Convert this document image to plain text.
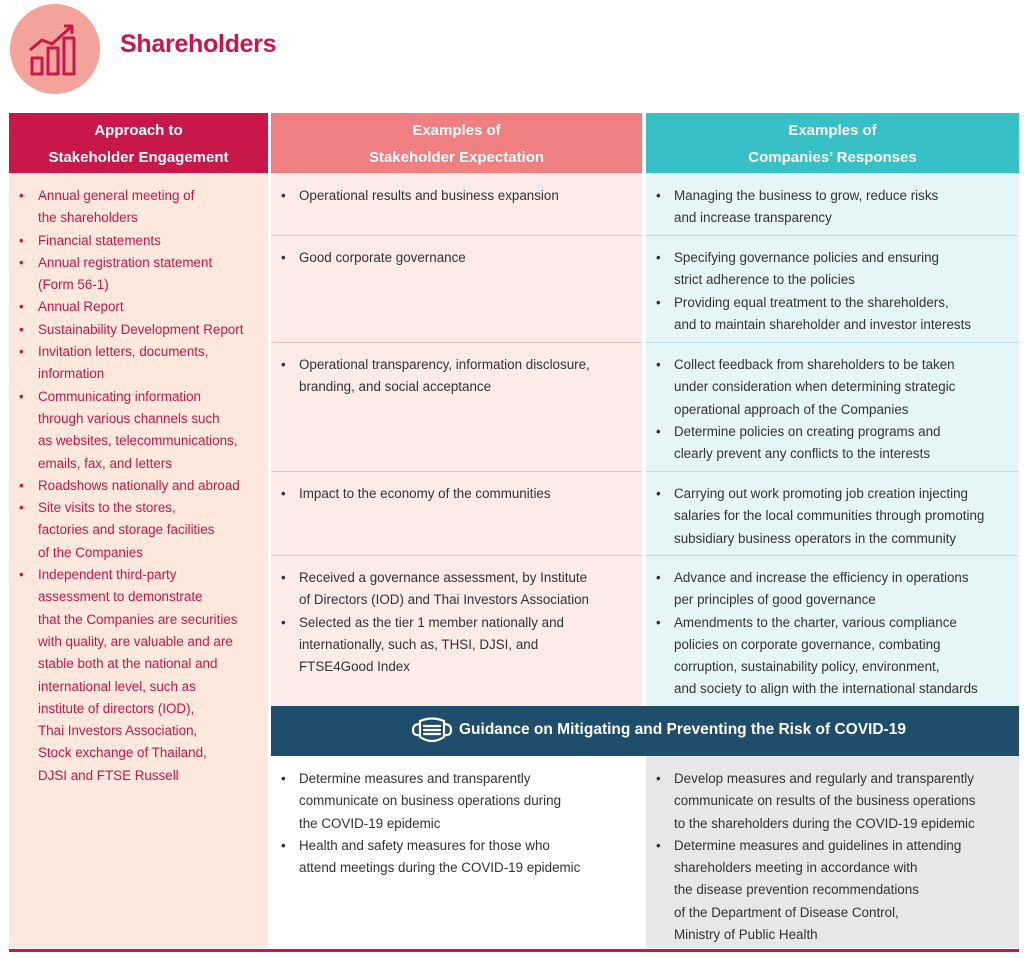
Shareholders
Approach to
Stakeholder Engagement
Examples of
Stakeholder Expectation
Examples of
Companies’ Responses
• Annual general meeting of
the shareholders
• Financial statements
• Annual registration statement
(Form 56-1)
• Annual Report
• Sustainability Development Report
• Invitation letters, documents,
information
• Communicating information
through various channels such
as websites, telecommunications,
emails, fax, and letters
• Roadshows nationally and abroad
• Site visits to the stores,
factories and storage facilities
of the Companies
• Independent third-party
assessment to demonstrate
that the Companies are securities
with quality, are valuable and are
stable both at the national and
international level, such as
institute of directors (IOD),
Thai Investors Association,
Stock exchange of Thailand,
DJSI and FTSE Russell
• Operational results and business expansion
• Good corporate governance
• Operational transparency, information disclosure,
branding, and social acceptance
• Impact to the economy of the communities
• Received a governance assessment, by Institute
of Directors (IOD) and Thai Investors Association
• Selected as the tier 1 member nationally and
internationally, such as, THSI, DJSI, and
FTSE4Good Index
• Managing the business to grow, reduce risks
and increase transparency
• Specifying governance policies and ensuring
strict adherence to the policies
• Providing equal treatment to the shareholders,
and to maintain shareholder and investor interests
• Collect feedback from shareholders to be taken
under consideration when determining strategic
operational approach of the Companies
• Determine policies on creating programs and
clearly prevent any conflicts to the interests
• Carrying out work promoting job creation injecting
salaries for the local communities through promoting
subsidiary business operators in the community
• Advance and increase the efficiency in operations
per principles of good governance
• Amendments to the charter, various compliance
policies on corporate governance, combating
corruption, sustainability policy, environment,
and society to align with the international standards
Guidance on Mitigating and Preventing the Risk of COVID-19
• Determine measures and transparently
communicate on business operations during
the COVID-19 epidemic
• Health and safety measures for those who
attend meetings during the COVID-19 epidemic
• Develop measures and regularly and transparently
communicate on results of the business operations
to the shareholders during the COVID-19 epidemic
• Determine measures and guidelines in attending
shareholders meeting in accordance with
the disease prevention recommendations
of the Department of Disease Control,
Ministry of Public Health
